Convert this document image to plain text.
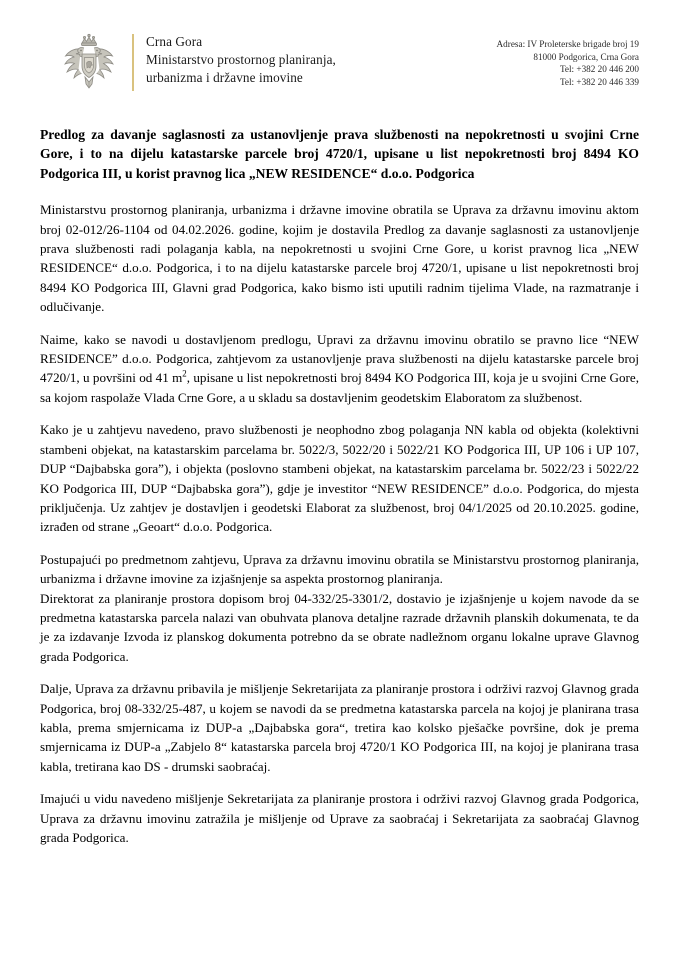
Crna Gora
Ministarstvo prostornog planiranja,
urbanizma i državne imovine
Adresa: IV Proleterske brigade broj 19
81000 Podgorica, Crna Gora
Tel: +382 20 446 200
Tel: +382 20 446 339
Predlog za davanje saglasnosti za ustanovljenje prava službenosti na nepokretnosti u svojini Crne Gore, i to na dijelu katastarske parcele broj 4720/1, upisane u list nepokretnosti broj 8494 KO Podgorica III, u korist pravnog lica „NEW RESIDENCE“ d.o.o. Podgorica

Ministarstvu prostornog planiranja, urbanizma i državne imovine obratila se Uprava za državnu imovinu aktom broj 02-012/26-1104 od 04.02.2026. godine, kojim je dostavila Predlog za davanje saglasnosti za ustanovljenje prava službenosti radi polaganja kabla, na nepokretnosti u svojini Crne Gore, u korist pravnog lica „NEW RESIDENCE“ d.o.o. Podgorica, i to na dijelu katastarske parcele broj 4720/1, upisane u list nepokretnosti broj 8494 KO Podgorica III, Glavni grad Podgorica, kako bismo isti uputili radnim tijelima Vlade, na razmatranje i odlučivanje.

Naime, kako se navodi u dostavljenom predlogu, Upravi za državnu imovinu obratilo se pravno lice “NEW RESIDENCE” d.o.o. Podgorica, zahtjevom za ustanovljenje prava službenosti na dijelu katastarske parcele broj 4720/1, u površini od 41 $m^2$, upisane u list nepokretnosti broj 8494 KO Podgorica III, koja je u svojini Crne Gore, sa kojom raspolaže Vlada Crne Gore, a u skladu sa dostavljenim geodetskim Elaboratom za službenost.

Kako je u zahtjevu navedeno, pravo službenosti je neophodno zbog polaganja NN kabla od objekta (kolektivni stambeni objekat, na katastarskim parcelama br. 5022/3, 5022/20 i 5022/21 KO Podgorica III, UP 106 i UP 107, DUP “Dajbabska gora”), i objekta (poslovno stambeni objekat, na katastarskim parcelama br. 5022/23 i 5022/22 KO Podgorica III, DUP “Dajbabska gora”), gdje je investitor “NEW RESIDENCE” d.o.o. Podgorica, do mjesta priključenja. Uz zahtjev je dostavljen i geodetski Elaborat za službenost, broj 04/1/2025 od 20.10.2025. godine, izrađen od strane „Geoart“ d.o.o. Podgorica.

Postupajući po predmetnom zahtjevu, Uprava za državnu imovinu obratila se Ministarstvu prostornog planiranja, urbanizma i državne imovine za izjašnjenje sa aspekta prostornog planiranja.

Direktorat za planiranje prostora dopisom broj 04-332/25-3301/2, dostavio je izjašnjenje u kojem navode da se predmetna katastarska parcela nalazi van obuhvata planova detaljne razrade državnih planskih dokumenata, te da je za izdavanje Izvoda iz planskog dokumenta potrebno da se obrate nadležnom organu lokalne uprave Glavnog grada Podgorica.

Dalje, Uprava za državnu pribavila je mišljenje Sekretarijata za planiranje prostora i održivi razvoj Glavnog grada Podgorica, broj 08-332/25-487, u kojem se navodi da se predmetna katastarska parcela na kojoj je planirana trasa kabla, prema smjernicama iz DUP-a „Dajbabska gora“, tretira kao kolsko pješačke površine, dok je prema smjernicama iz DUP-a „Zabjelo 8“ katastarska parcela broj 4720/1 KO Podgorica III, na kojoj je planirana trasa kabla, tretirana kao DS - drumski saobraćaj.

Imajući u vidu navedeno mišljenje Sekretarijata za planiranje prostora i održivi razvoj Glavnog grada Podgorica, Uprava za državnu imovinu zatražila je mišljenje od Uprave za saobraćaj i Sekretarijata za saobraćaj Glavnog grada Podgorica.
